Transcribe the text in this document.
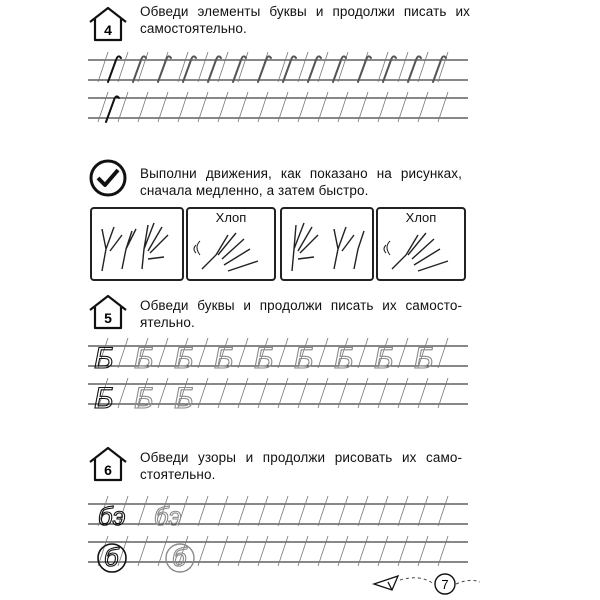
4
Обведи элементы буквы и продолжи писать их самостоятельно.
Выполни движения, как показано на рисунках, сначала медленно, а затем быстро.
Хлоп	Хлоп
5
Обведи буквы и продолжи писать их самостоятельно.
Б Б Б Б Б Б Б Б Б
Б Б Б
6
Обведи узоры и продолжи рисовать их самостоятельно.
бэ бэ
б б
7
